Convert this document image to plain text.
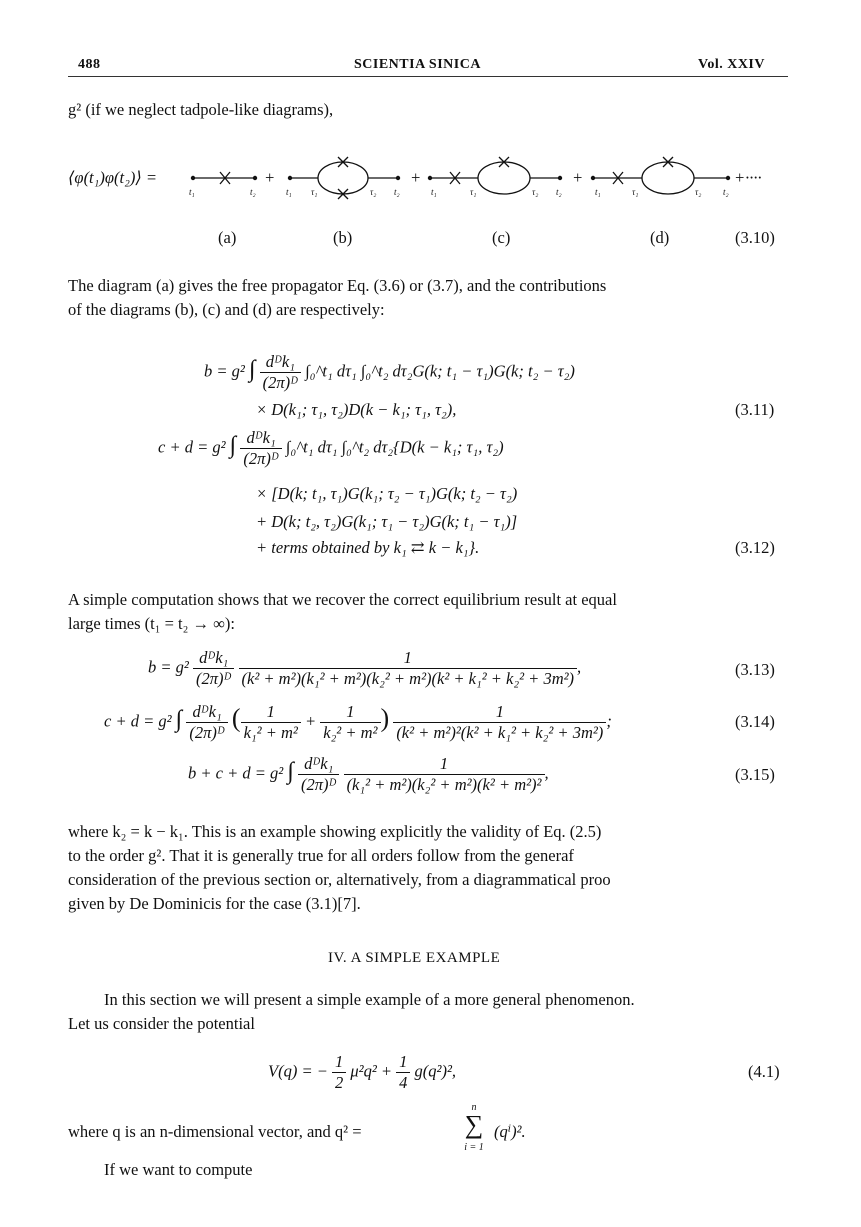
488	SCIENTIA SINICA	Vol. XXIV
g² (if we neglect tadpole-like diagrams),
⟨φ(t₁)φ(t₂)⟩ =	+	+	+	+····
t₁	t₂	t₁ τ₁	τ₂ t₂	t₁	τ₁	τ₂ t₂	t₁	τ₁	τ₂ t₂
(a)	(b)	(c)	(d)	(3.10)
The diagram (a) gives the free propagator Eq. (3.6) or (3.7), and the contributions
of the diagrams (b), (c) and (d) are respectively:
b = g² ∫ $\frac{\text{dᴰk₁}}{\text{(2π)ᴰ}}$ ∫₀^t₁ dτ₁ ∫₀^t₂ dτ₂G(k; t₁ − τ₁)G(k; t₂ − τ₂)
× D(k₁; τ₁, τ₂)D(k − k₁; τ₁, τ₂),	(3.11)
c + d = g² ∫ $\frac{\text{dᴰk₁}}{\text{(2π)ᴰ}}$ ∫₀^t₁ dτ₁ ∫₀^t₂ dτ₂{D(k − k₁; τ₁, τ₂)
× [D(k; t₁, τ₁)G(k₁; τ₂ − τ₁)G(k; t₂ − τ₂)
+ D(k; t₂, τ₂)G(k₁; τ₁ − τ₂)G(k; t₁ − τ₁)]
+ terms obtained by k₁ ⇄ k − k₁}.	(3.12)
A simple computation shows that we recover the correct equilibrium result at equal
large times (t₁ = t₂ → ∞):
$b = g^2 \frac{\text{dᴰk₁}}{\text{(2π)ᴰ}}$
$\frac{1}{\text{(k² + m²)(k₁² + m²)(k₂² + m²)(k² + k₁² + k₂² + 3m²)}}$ ,	(3.13)
c + d = g² ∫ $\frac{\text{dᴰk₁}}{\text{(2π)ᴰ}}$ ( $\frac{1}{\text{k₁² + m²}} + \frac{1}{\text{k₂² + m²}}$ ) $\frac{1}{\text{(k² + m²)²(k² + k₁² + k₂² + 3m²)}}$ ;	(3.14)
b + c + d = g² ∫ $\frac{\text{dᴰk₁}}{\text{(2π)ᴰ}}$
$\frac{1}{\text{(k₁² + m²)(k₂² + m²)(k² + m²)²}}$ ,	(3.15)
where k₂ = k − k₁. This is an example showing explicitly the validity of Eq. (2.5)
to the order g². That it is generally true for all orders follow from the generaf
consideration of the previous section or, alternatively, from a diagrammatical proo
given by De Dominicis for the case (3.1)[7].
IV. A SIMPLE EXAMPLE
In this section we will present a simple example of a more general phenomenon.
Let us consider the potential
V(q) = − $\frac{1}{2} \mu^2q^2 + \frac{1}{4} g(q^2)^2$,	(4.1)
where q is an n-dimensional vector, and q² =
n
∑
i = 1
(qⁱ)².
If we want to compute
